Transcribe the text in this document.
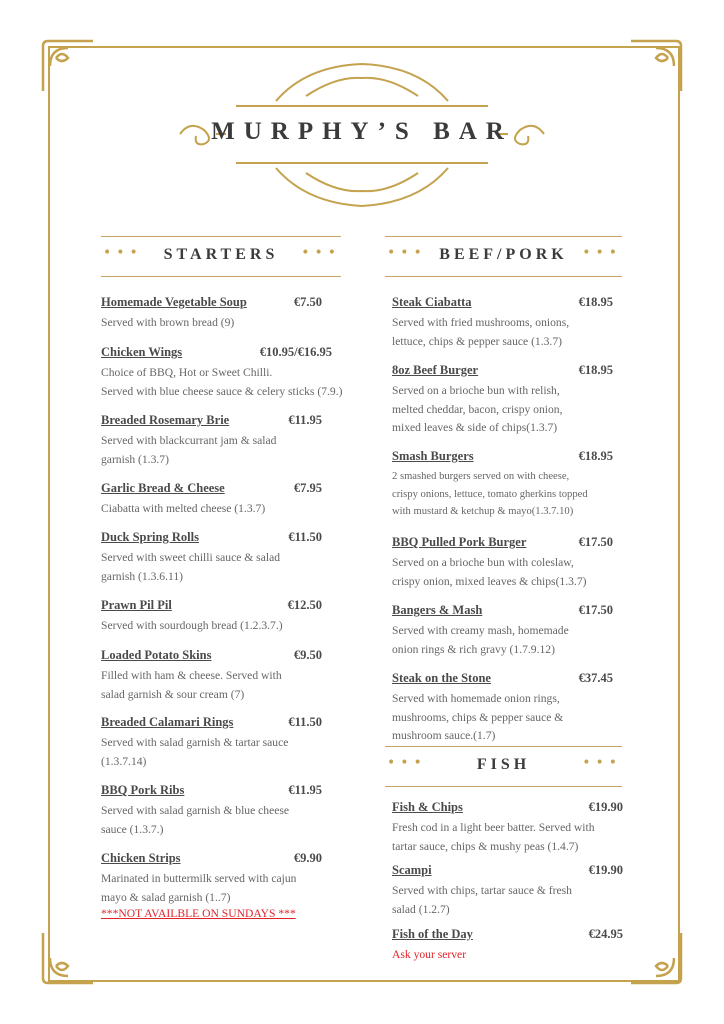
MURPHY’S BAR
•••	•••
STARTERS	•••	•••
BEEF/PORK
•••	•••
FISH
Homemade Vegetable Soup	€7.50
Served with brown bread (9)
Chicken Wings	€10.95/€16.95
Choice of BBQ, Hot or Sweet Chilli.
Served with blue cheese sauce & celery sticks (7.9.)
Breaded Rosemary Brie	€11.95
Served with blackcurrant jam & salad
garnish (1.3.7)
Garlic Bread & Cheese	€7.95
Ciabatta with melted cheese (1.3.7)
Duck Spring Rolls	€11.50
Served with sweet chilli sauce & salad
garnish (1.3.6.11)
Prawn Pil Pil	€12.50
Served with sourdough bread (1.2.3.7.)
Loaded Potato Skins	€9.50
Filled with ham & cheese. Served with
salad garnish & sour cream (7)
Breaded Calamari Rings	€11.50
Served with salad garnish & tartar sauce
(1.3.7.14)
BBQ Pork Ribs	€11.95
Served with salad garnish & blue cheese
sauce (1.3.7.)
Chicken Strips	€9.90
Marinated in buttermilk served with cajun
mayo & salad garnish (1..7)
***NOT AVAILBLE ON SUNDAYS ***
Steak Ciabatta	€18.95
Served with fried mushrooms, onions,
lettuce, chips & pepper sauce (1.3.7)
8oz Beef Burger	€18.95
Served on a brioche bun with relish,
melted cheddar, bacon, crispy onion,
mixed leaves & side of chips(1.3.7)
Smash Burgers	€18.95
2 smashed burgers served on with cheese,
crispy onions, lettuce, tomato gherkins topped
with mustard & ketchup & mayo(1.3.7.10)
BBQ Pulled Pork Burger	€17.50
Served on a brioche bun with coleslaw,
crispy onion, mixed leaves & chips(1.3.7)
Bangers & Mash	€17.50
Served with creamy mash, homemade
onion rings & rich gravy (1.7.9.12)
Steak on the Stone	€37.45
Served with homemade onion rings,
mushrooms, chips & pepper sauce &
mushroom sauce.(1.7)
Fish & Chips	€19.90
Fresh cod in a light beer batter. Served with
tartar sauce, chips & mushy peas (1.4.7)
Scampi	€19.90
Served with chips, tartar sauce & fresh
salad (1.2.7)
Fish of the Day	€24.95
Ask your server
